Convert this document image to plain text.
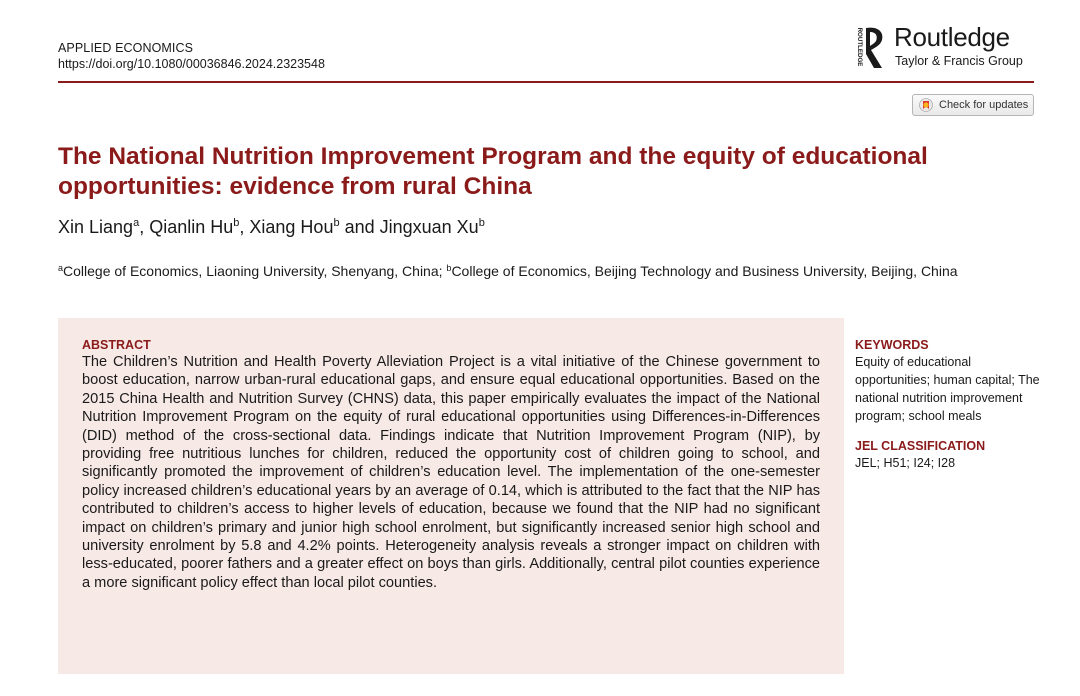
APPLIED ECONOMICS
https://doi.org/10.1080/00036846.2024.2323548	ROUTLEDGE Routledge
Taylor & Francis Group
Check for updates
The National Nutrition Improvement Program and the equity of educational opportunities: evidence from rural China
Xin Liang$^a$, Qianlin Hu$^b$, Xiang Hou$^b$ and Jingxuan Xu$^b$
$^a$College of Economics, Liaoning University, Shenyang, China; $^b$College of Economics, Beijing Technology and Business University, Beijing, China
ABSTRACT

The Children’s Nutrition and Health Poverty Alleviation Project is a vital initiative of the Chinese government to boost education, narrow urban-rural educational gaps, and ensure equal educational opportunities. Based on the 2015 China Health and Nutrition Survey (CHNS) data, this paper empirically evaluates the impact of the National Nutrition Improvement Program on the equity of rural educational opportunities using Differences-in-Differences (DID) method of the cross-sectional data. Findings indicate that Nutrition Improvement Program (NIP), by providing free nutritious lunches for children, reduced the opportunity cost of children going to school, and significantly promoted the improvement of children’s education level. The implementation of the one-semester policy increased children’s educational years by an average of 0.14, which is attributed to the fact that the NIP has contributed to children’s access to higher levels of education, because we found that the NIP had no significant impact on children’s primary and junior high school enrolment, but significantly increased senior high school and university enrolment by 5.8 and 4.2% points. Heterogeneity analysis reveals a stronger impact on children with less-educated, poorer fathers and a greater effect on boys than girls. Additionally, central pilot counties experience a more significant policy effect than local pilot counties.

KEYWORDS
Equity of educational opportunities; human capital; The national nutrition improvement program; school meals
JEL CLASSIFICATION
JEL; H51; I24; I28
